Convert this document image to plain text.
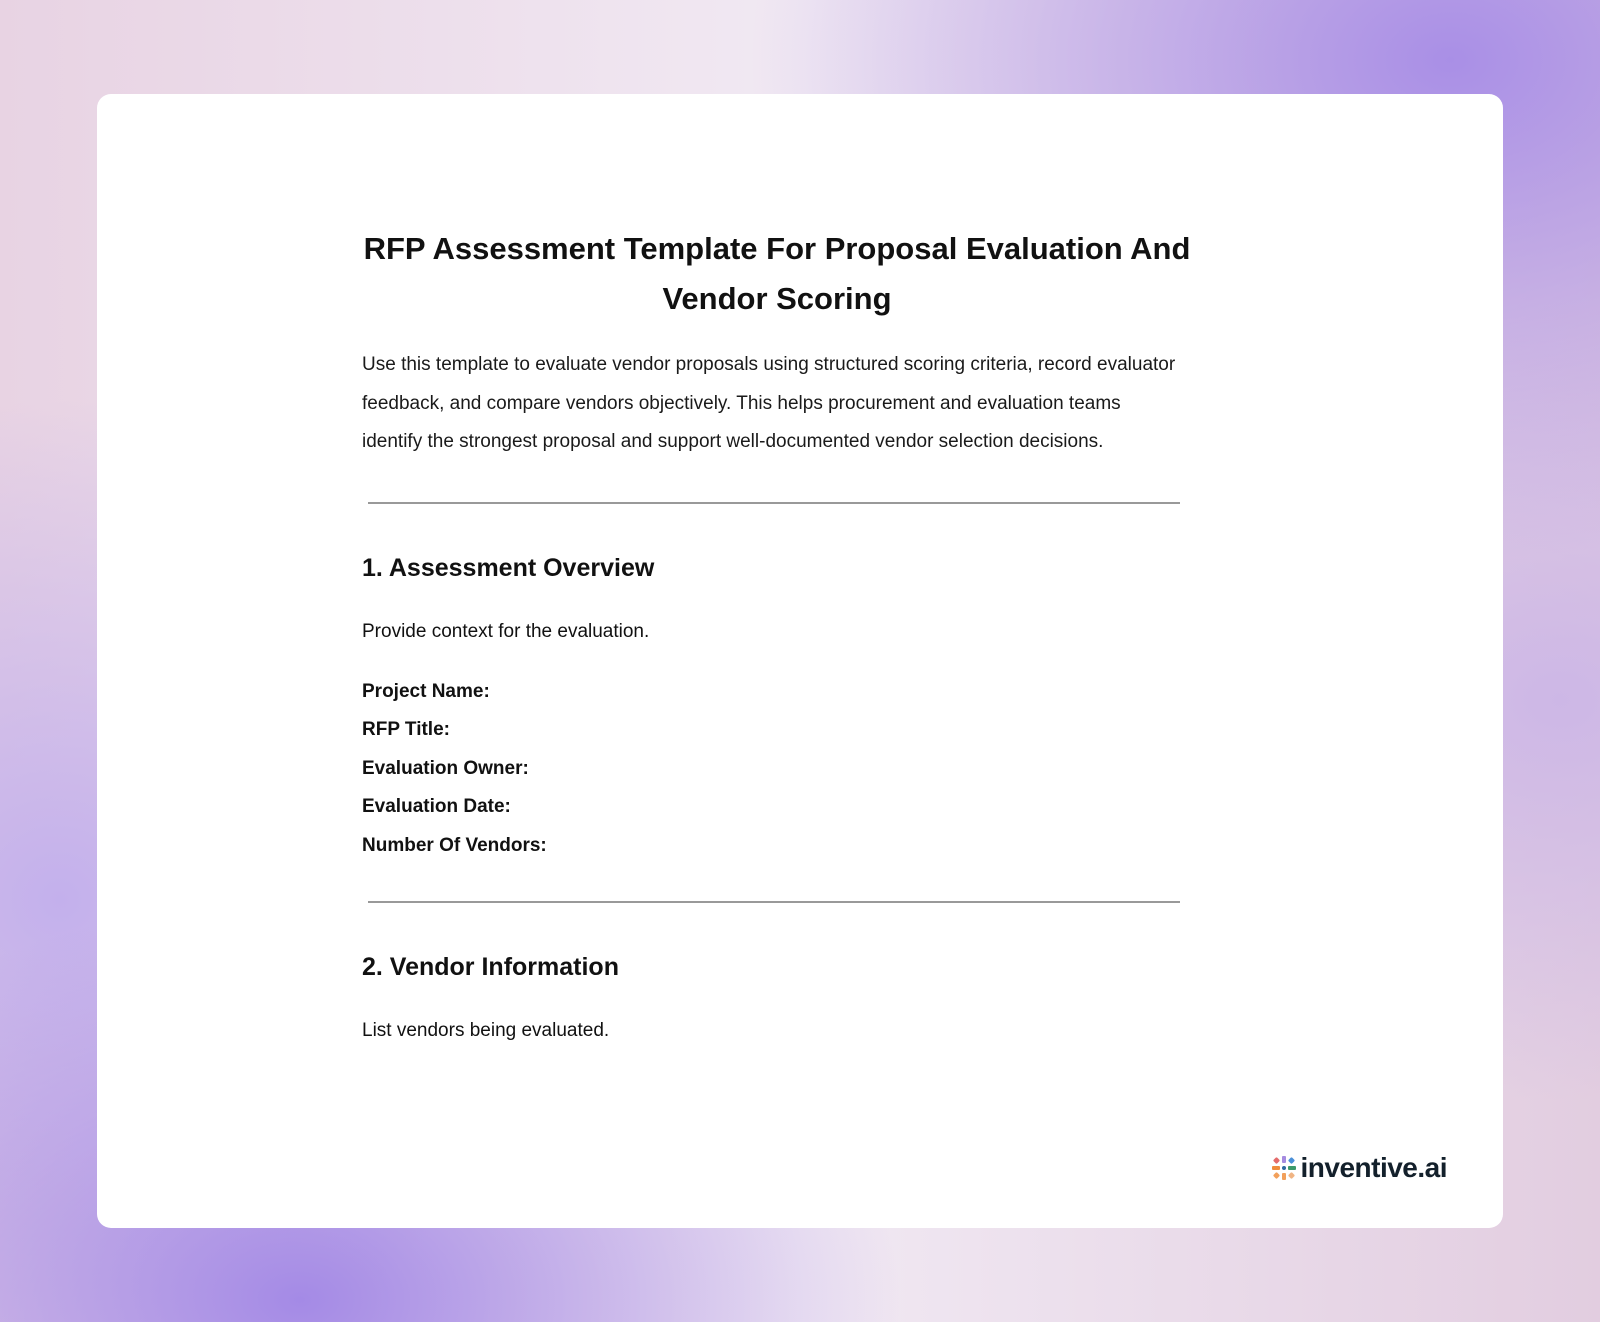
RFP Assessment Template For Proposal Evaluation And Vendor Scoring

Use this template to evaluate vendor proposals using structured scoring criteria, record evaluator feedback, and compare vendors objectively. This helps procurement and evaluation teams identify the strongest proposal and support well-documented vendor selection decisions.

1. Assessment Overview

Provide context for the evaluation.

Project Name:
RFP Title:
Evaluation Owner:
Evaluation Date:
Number Of Vendors:
2. Vendor Information

List vendors being evaluated.

inventive.ai
